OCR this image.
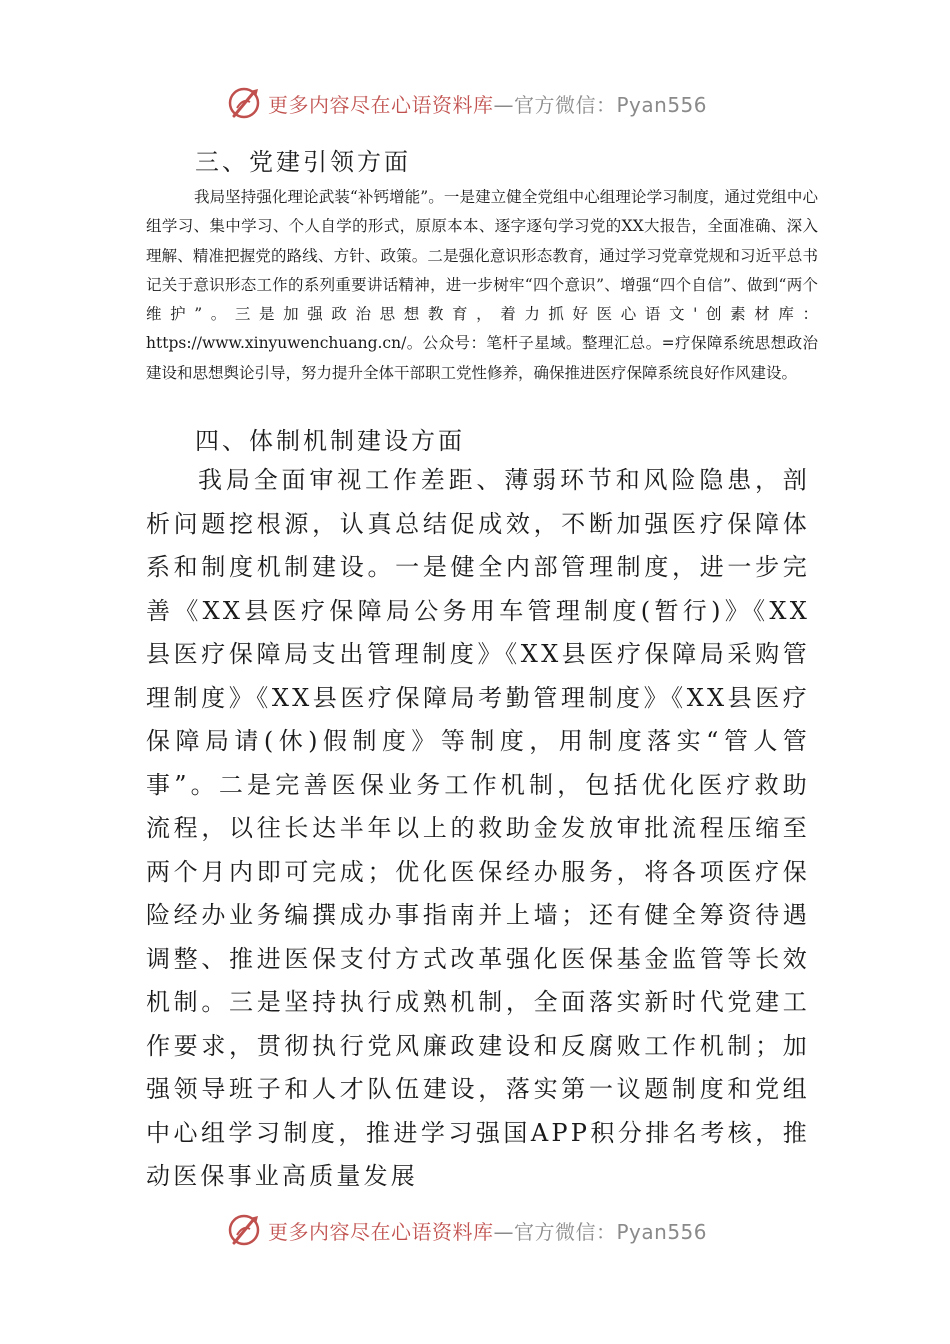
更多内容尽在心语资料库—官方微信：Pyan556
三、党建引领方面

我局坚持强化理论武装“补钙增能”。一是建立健全党组中心组理论学习制度，通过党组中心组学习、集中学习、个人自学的形式，原原本本、逐字逐句学习党的XX大报告，全面准确、深入理解、精准把握党的路线、方针、政策。二是强化意识形态教育，通过学习党章党规和习近平总书记关于意识形态工作的系列重要讲话精神，进一步树牢“四个意识”、增强“四个自信”、做到“两个维护”。三是加强政治思想教育，着力抓好医心语文'创素材库：https://www.xinyuwenchuang.cn/。公众号：笔杆子星域。整理汇总。=疗保障系统思想政治建设和思想舆论引导，努力提升全体干部职工党性修养，确保推进医疗保障系统良好作风建设。

四、体制机制建设方面

我局全面审视工作差距、薄弱环节和风险隐患，剖析问题挖根源，认真总结促成效，不断加强医疗保障体系和制度机制建设。一是健全内部管理制度，进一步完善《XX县医疗保障局公务用车管理制度(暂行)》《XX县医疗保障局支出管理制度》《XX县医疗保障局采购管理制度》《XX县医疗保障局考勤管理制度》《XX县医疗保障局请(休)假制度》等制度，用制度落实“管人管事”。二是完善医保业务工作机制，包括优化医疗救助流程，以往长达半年以上的救助金发放审批流程压缩至两个月内即可完成；优化医保经办服务，将各项医疗保险经办业务编撰成办事指南并上墙；还有健全筹资待遇调整、推进医保支付方式改革强化医保基金监管等长效机制。三是坚持执行成熟机制，全面落实新时代党建工作要求，贯彻执行党风廉政建设和反腐败工作机制；加强领导班子和人才队伍建设，落实第一议题制度和党组中心组学习制度，推进学习强国APP积分排名考核，推动医保事业高质量发展

更多内容尽在心语资料库—官方微信：Pyan556
